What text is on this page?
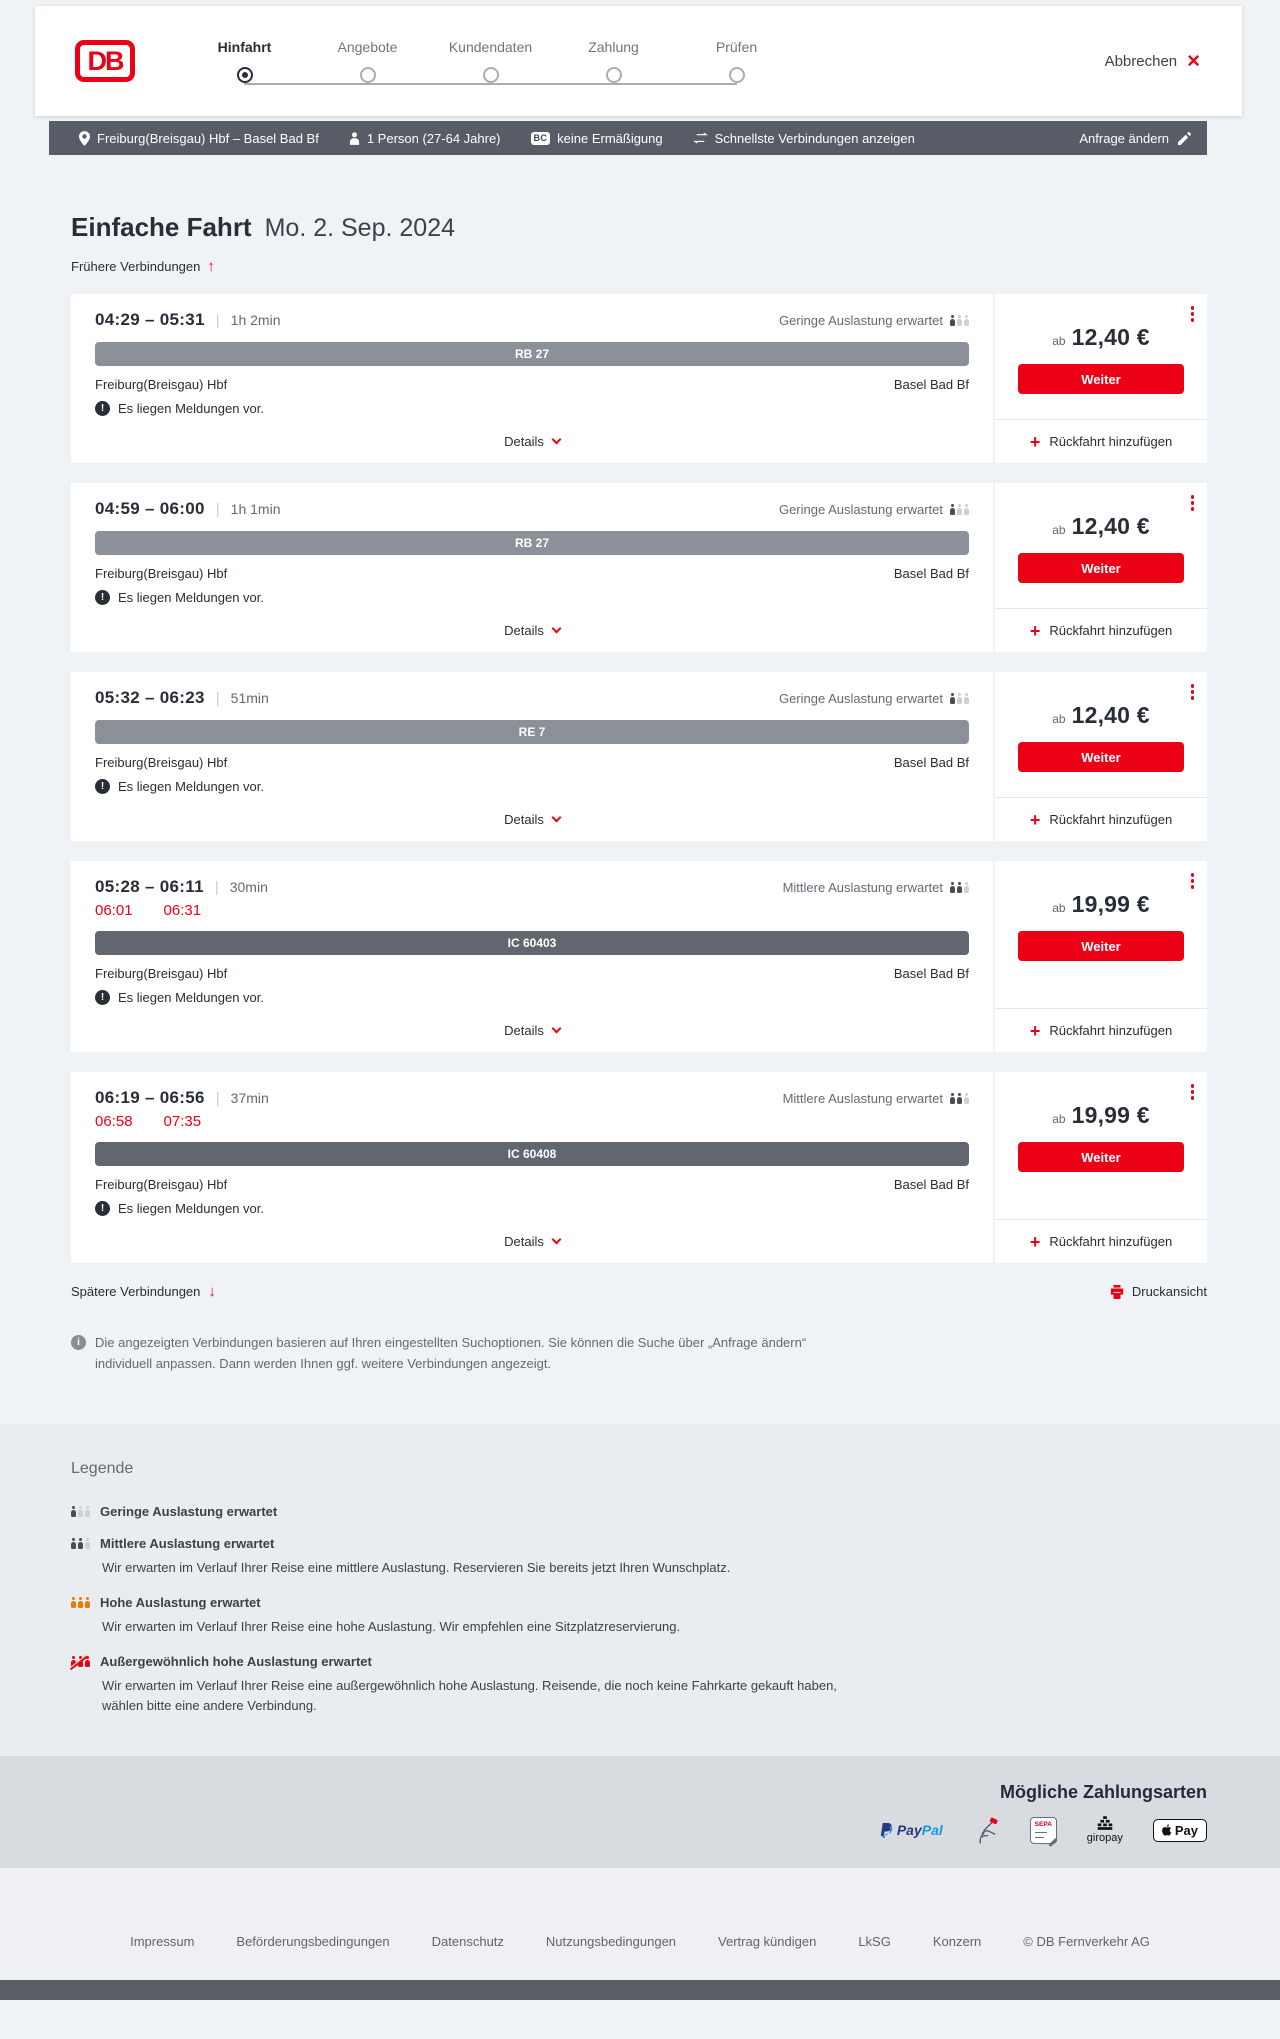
DB	Hinfahrt	Angebote	Kundendaten	Zahlung	Prüfen
Abbrechen ×
Freiburg(Breisgau) Hbf – Basel Bad Bf	1 Person (27-64 Jahre)	BC keine Ermäßigung	Schnellste Verbindungen anzeigen	Anfrage ändern
Einfache Fahrt Mo. 2. Sep. 2024
Frühere Verbindungen ↑
04:29 – 05:31 | 1h 2min	Geringe Auslastung erwartet
RB 27
Freiburg(Breisgau) Hbf	Basel Bad Bf
!	Es liegen Meldungen vor.
Details
ab 12,40 €
Weiter
+ Rückfahrt hinzufügen
04:59 – 06:00 | 1h 1min	Geringe Auslastung erwartet
RB 27
Freiburg(Breisgau) Hbf	Basel Bad Bf
!	Es liegen Meldungen vor.
Details
ab 12,40 €
Weiter
+ Rückfahrt hinzufügen
05:32 – 06:23 | 51min	Geringe Auslastung erwartet
RE 7
Freiburg(Breisgau) Hbf	Basel Bad Bf
!	Es liegen Meldungen vor.
Details
ab 12,40 €
Weiter
+ Rückfahrt hinzufügen
05:28 – 06:11 | 30min	Mittlere Auslastung erwartet
06:01 06:31
IC 60403
Freiburg(Breisgau) Hbf	Basel Bad Bf
!	Es liegen Meldungen vor.
Details
ab 19,99 €
Weiter
+ Rückfahrt hinzufügen
06:19 – 06:56 | 37min	Mittlere Auslastung erwartet
06:58 07:35
IC 60408
Freiburg(Breisgau) Hbf	Basel Bad Bf
!	Es liegen Meldungen vor.
Details
ab 19,99 €
Weiter
+ Rückfahrt hinzufügen
Spätere Verbindungen ↓	Druckansicht
i	Die angezeigten Verbindungen basieren auf Ihren eingestellten Suchoptionen. Sie können die Suche über „Anfrage ändern“ individuell anpassen. Dann werden Ihnen ggf. weitere Verbindungen angezeigt.

Legende
Geringe Auslastung erwartet
Mittlere Auslastung erwartet

Wir erwarten im Verlauf Ihrer Reise eine mittlere Auslastung. Reservieren Sie bereits jetzt Ihren Wunschplatz.

Hohe Auslastung erwartet

Wir erwarten im Verlauf Ihrer Reise eine hohe Auslastung. Wir empfehlen eine Sitzplatzreservierung.

Außergewöhnlich hohe Auslastung erwartet

Wir erwarten im Verlauf Ihrer Reise eine außergewöhnlich hohe Auslastung. Reisende, die noch keine Fahrkarte gekauft haben, wählen bitte eine andere Verbindung.

Mögliche Zahlungsarten
PayPal	SEPA
giropay
Pay
Impressum	Beförderungsbedingungen	Datenschutz	Nutzungsbedingungen	Vertrag kündigen	LkSG	Konzern	© DB Fernverkehr AG
